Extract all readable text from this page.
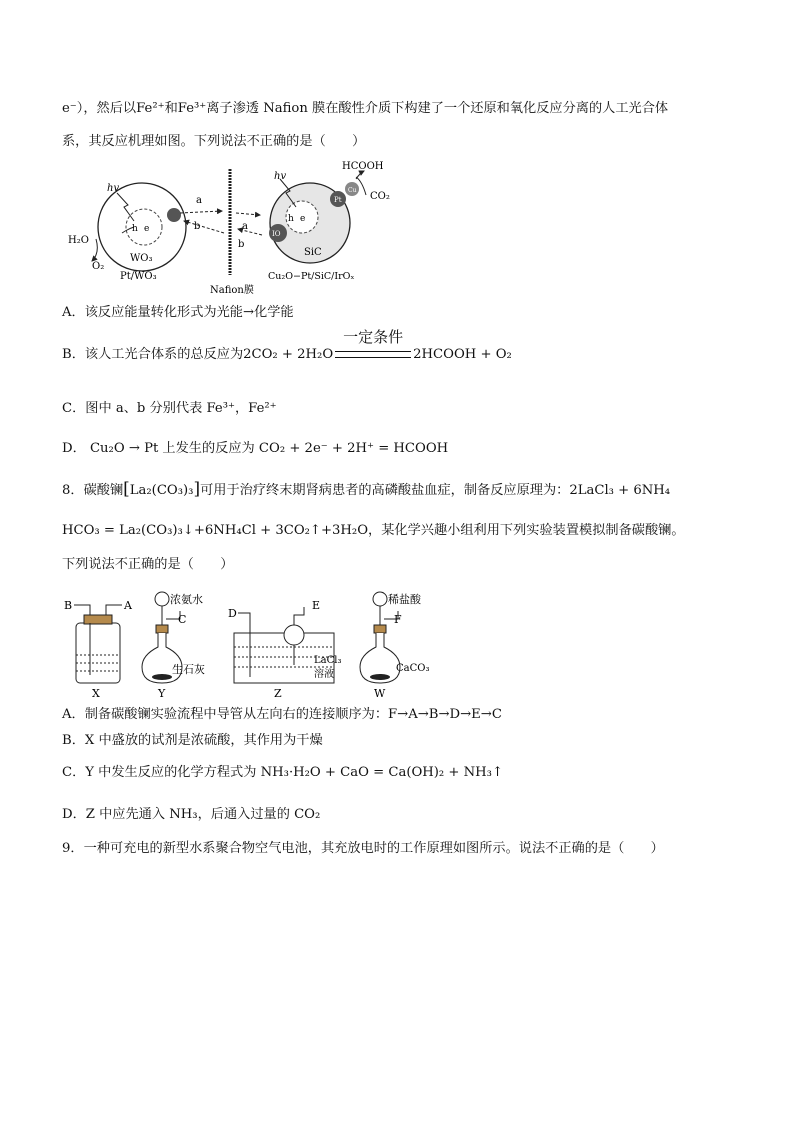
e⁻），然后以Fe²⁺和Fe³⁺离子渗透 Nafion 膜在酸性介质下构建了一个还原和氧化反应分离的人工光合体
系，其反应机理如图。下列说法不正确的是（　　）
h e
hv
WO₃
Pt/WO₃
H₂O
O₂
a
b
Nafion膜
a
b
IO
Pt
Cu
h e
hv
SiC
Cu₂O−Pt/SiC/IrOₓ
HCOOH
CO₂
A．该反应能量转化形式为光能→化学能
B．该人工光合体系的总反应为2CO₂ + 2H₂O
一定条件
2HCOOH + O₂
C．图中 a、b 分别代表 Fe³⁺，Fe²⁺
D． Cu₂O → Pt 上发生的反应为 CO₂ + 2e⁻ + 2H⁺ = HCOOH
8．碳酸镧[La₂(CO₃)₃]可用于治疗终末期肾病患者的高磷酸盐血症，制备反应原理为：2LaCl₃ + 6NH₄
HCO₃ = La₂(CO₃)₃↓+6NH₄Cl + 3CO₂↑+3H₂O，某化学兴趣小组利用下列实验装置模拟制备碳酸镧。
下列说法不正确的是（　　）
B	A
X
浓氨水
C
生石灰
Y
D
E
LaCl₃
溶液
Z
稀盐酸
F
CaCO₃
W
A．制备碳酸镧实验流程中导管从左向右的连接顺序为：F→A→B→D→E→C
B．X 中盛放的试剂是浓硫酸，其作用为干燥
C．Y 中发生反应的化学方程式为 NH₃·H₂O + CaO = Ca(OH)₂ + NH₃↑
D．Z 中应先通入 NH₃，后通入过量的 CO₂
9．一种可充电的新型水系聚合物空气电池，其充放电时的工作原理如图所示。说法不正确的是（　　）
